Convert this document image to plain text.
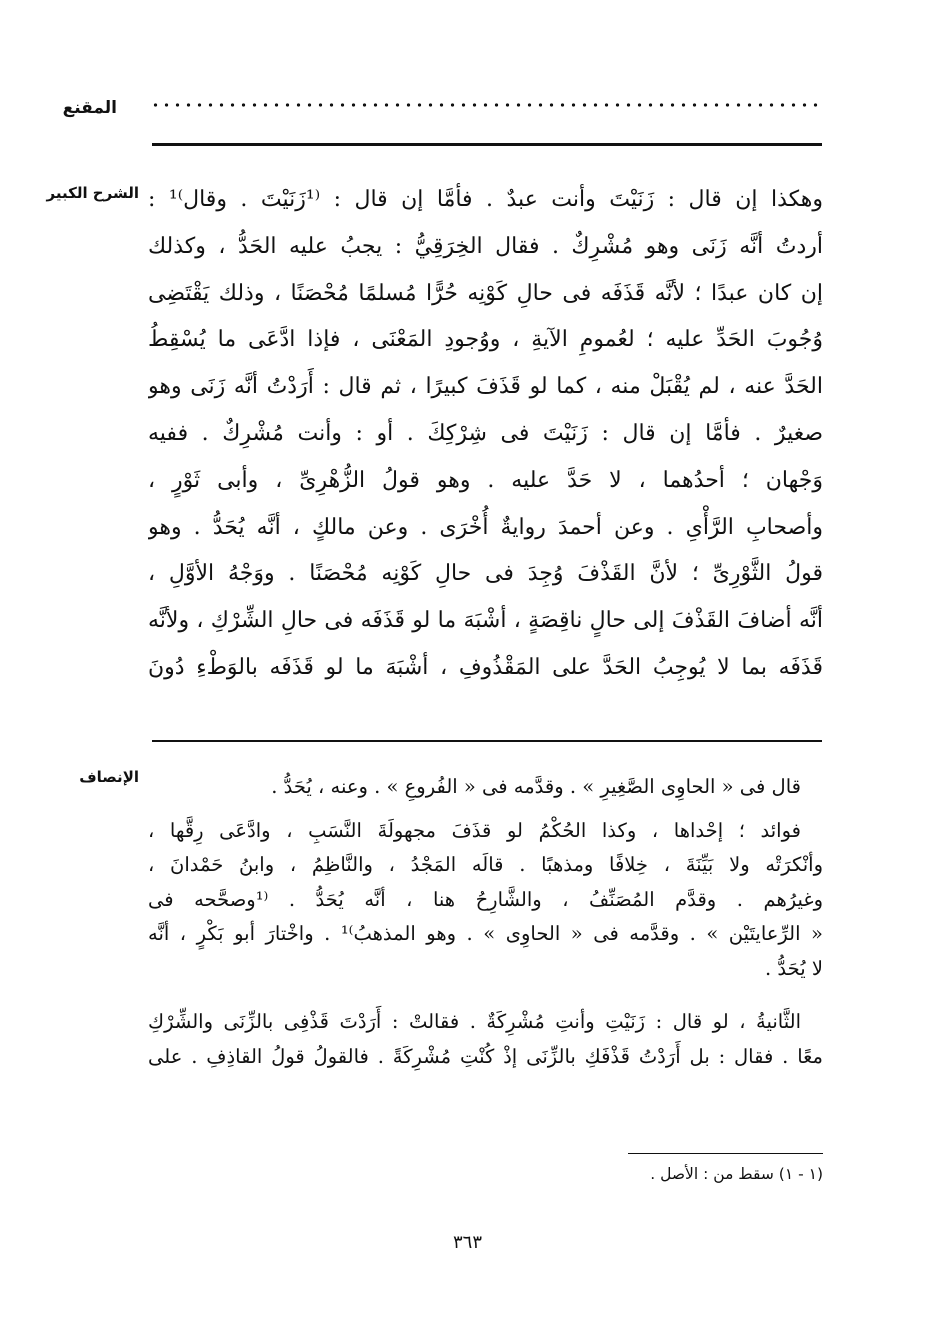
المقنع
الشرح الكبير وهكذا إن قال : زَنَيْتَ وأنت عبدٌ . فأمَّا إن قال : ⁽¹زَنَيْتَ . وقال⁾¹ :
أردتُ أنَّه زَنَى وهو مُشْرِكٌ . فقال الخِرَقِيُّ : يجبُ عليه الحَدُّ ، وكذلك
إن كان عبدًا ؛ لأنَّه قَذَفَه فى حالِ كَوْنِه حُرًّا مُسلمًا مُحْصَنًا ، وذلك يَقْتَضِى
وُجُوبَ الحَدِّ عليه ؛ لعُمومِ الآيةِ ، ووُجودِ المَعْنَى ، فإذا ادَّعَى ما يُسْقِطُ
الحَدَّ عنه ، لم يُقْبَلْ منه ، كما لو قَذَفَ كبيرًا ، ثم قال : أَرَدْتُ أنَّه زَنَى وهو
صغيرٌ . فأمَّا إن قال : زَنَيْتَ فى شِرْكِكَ . أو : وأنت مُشْرِكٌ . ففيه
وَجْهان ؛ أحدُهما ، لا حَدَّ عليه . وهو قولُ الزُّهْرِىِّ ، وأبى ثَوْرٍ ،
وأصحابِ الرَّأْىِ . وعن أحمدَ روايةٌ أُخْرَى . وعن مالكٍ ، أنَّه يُحَدُّ . وهو
قولُ الثَّوْرِىِّ ؛ لأنَّ القَذْفَ وُجِدَ فى حالِ كَوْنِه مُحْصَنًا . ووَجْهُ الأوَّلِ ،
أنَّه أضافَ القَذْفَ إلى حالٍ ناقِصَةٍ ، أشْبَهَ ما لو قَذَفَه فى حالِ الشِّرْكِ ، ولأنَّه
قَذَفَه بما لا يُوجِبُ الحَدَّ على المَقْذُوفِ ، أشْبَهَ ما لو قَذَفَه بالوَطْءِ دُونَ
الإنصاف	قال فى « الحاوِى الصَّغِيرِ » . وقدَّمه فى « الفُروعِ » . وعنه ، يُحَدُّ .
فوائد ؛ إحْداها ، وكذا الحُكْمُ لو قذَفَ مجهولَةَ النَّسَبِ ، وادَّعَى رِقَّها ،
وأنْكرَتْه ولا بَيِّنَةَ ، خِلافًا ومذهبًا . قالَه المَجْدُ ، والنَّاظِمُ ، وابنُ حَمْدانَ ،
وغيرُهم . وقدَّم المُصَنِّفُ ، والشَّارِحُ هنا ، أنَّه يُحَدُّ . ⁽¹وصحَّحه فى
« الرِّعايتَيْن » . وقدَّمه فى « الحاوِى » . وهو المذهبُ⁾¹ . واخْتارَ أبو بَكْرٍ ، أنَّه
لا يُحَدُّ .
الثَّانيةُ ، لو قال : زَنَيْتِ وأنتِ مُشْرِكَةٌ . فقالتْ : أَرَدْتَ قَذْفِى بالزِّنَى والشِّرْكِ
معًا . فقال : بل أَرَدْتُ قَذْفَكِ بالزِّنَى إذْ كُنْتِ مُشْرِكَةً . فالقولُ قولُ القاذِفِ . على
(١ - ١) سقط من : الأصل .
٣٦٣
